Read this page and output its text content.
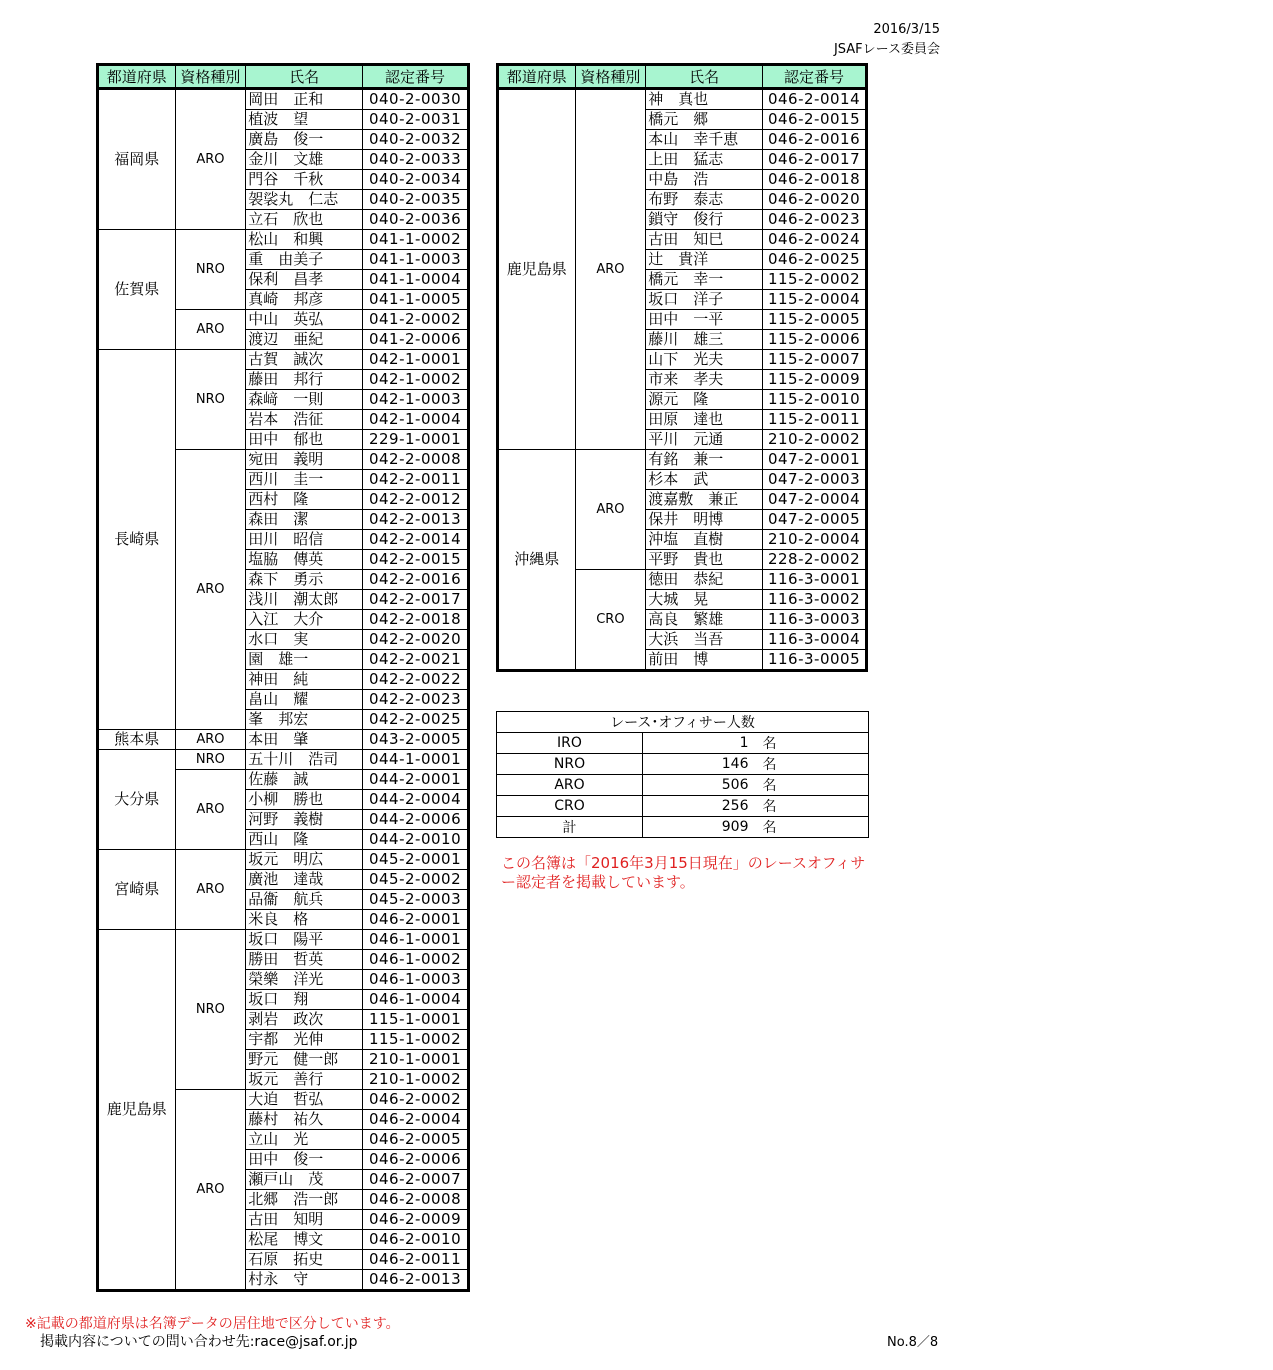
2016/3/15
JSAFレース委員会
都道府県	資格種別	氏名	認定番号
福岡県	ARO	岡田　正和	040-2-0030
		植波　望	040-2-0031
		廣島　俊一	040-2-0032
		金川　文雄	040-2-0033
		門谷　千秋	040-2-0034
		袈裟丸　仁志	040-2-0035
		立石　欣也	040-2-0036
佐賀県	NRO	松山　和興	041-1-0002
		重　由美子	041-1-0003
		保利　昌孝	041-1-0004
		真崎　邦彦	041-1-0005
	ARO	中山　英弘	041-2-0002
		渡辺　亜紀	041-2-0006
長崎県	NRO	古賀　誠次	042-1-0001
		藤田　邦行	042-1-0002
		森﨑　一則	042-1-0003
		岩本　浩征	042-1-0004
		田中　郁也	229-1-0001
	ARO	宛田　義明	042-2-0008
		西川　圭一	042-2-0011
		西村　隆	042-2-0012
		森田　潔	042-2-0013
		田川　昭信	042-2-0014
		塩脇　傳英	042-2-0015
		森下　勇示	042-2-0016
		浅川　潮太郎	042-2-0017
		入江　大介	042-2-0018
		水口　実	042-2-0020
		園　雄一	042-2-0021
		神田　純	042-2-0022
		畠山　耀	042-2-0023
		峯　邦宏	042-2-0025
熊本県	ARO	本田　肇	043-2-0005
大分県	NRO	五十川　浩司	044-1-0001
	ARO	佐藤　誠	044-2-0001
		小柳　勝也	044-2-0004
		河野　義樹	044-2-0006
		西山　隆	044-2-0010
宮崎県	ARO	坂元　明広	045-2-0001
		廣池　達哉	045-2-0002
		品衞　航兵	045-2-0003
		米良　格	046-2-0001
鹿児島県	NRO	坂口　陽平	046-1-0001
		勝田　哲英	046-1-0002
		榮樂　洋光	046-1-0003
		坂口　翔	046-1-0004
		剥岩　政次	115-1-0001
		宇都　光伸	115-1-0002
		野元　健一郎	210-1-0001
		坂元　善行	210-1-0002
	ARO	大迫　哲弘	046-2-0002
		藤村　祐久	046-2-0004
		立山　光	046-2-0005
		田中　俊一	046-2-0006
		瀬戸山　茂	046-2-0007
		北郷　浩一郎	046-2-0008
		古田　知明	046-2-0009
		松尾　博文	046-2-0010
		石原　拓史	046-2-0011
		村永　守	046-2-0013
都道府県	資格種別	氏名	認定番号
鹿児島県	ARO	神　真也	046-2-0014
		橋元　郷	046-2-0015
		本山　幸千恵	046-2-0016
		上田　猛志	046-2-0017
		中島　浩	046-2-0018
		布野　泰志	046-2-0020
		鎖守　俊行	046-2-0023
		古田　知巳	046-2-0024
		辻　貴洋	046-2-0025
		橋元　幸一	115-2-0002
		坂口　洋子	115-2-0004
		田中　一平	115-2-0005
		藤川　雄三	115-2-0006
		山下　光夫	115-2-0007
		市来　孝夫	115-2-0009
		源元　隆	115-2-0010
		田原　達也	115-2-0011
		平川　元通	210-2-0002
沖縄県	ARO	有銘　兼一	047-2-0001
		杉本　武	047-2-0003
		渡嘉敷　兼正	047-2-0004
		保井　明博	047-2-0005
		沖塩　直樹	210-2-0004
		平野　貴也	228-2-0002
	CRO	徳田　恭紀	116-3-0001
		大城　晃	116-3-0002
		高良　繁雄	116-3-0003
		大浜　当吾	116-3-0004
		前田　博	116-3-0005
レース･オフィサー人数		
IRO	1	名
NRO	146	名
ARO	506	名
CRO	256	名
計	909	名
この名簿は「2016年3月15日現在」のレースオフィサー認定者を掲載しています。
※記載の都道府県は名簿データの居住地で区分しています。
掲載内容についての問い合わせ先:race@jsaf.or.jp	No.8／8
